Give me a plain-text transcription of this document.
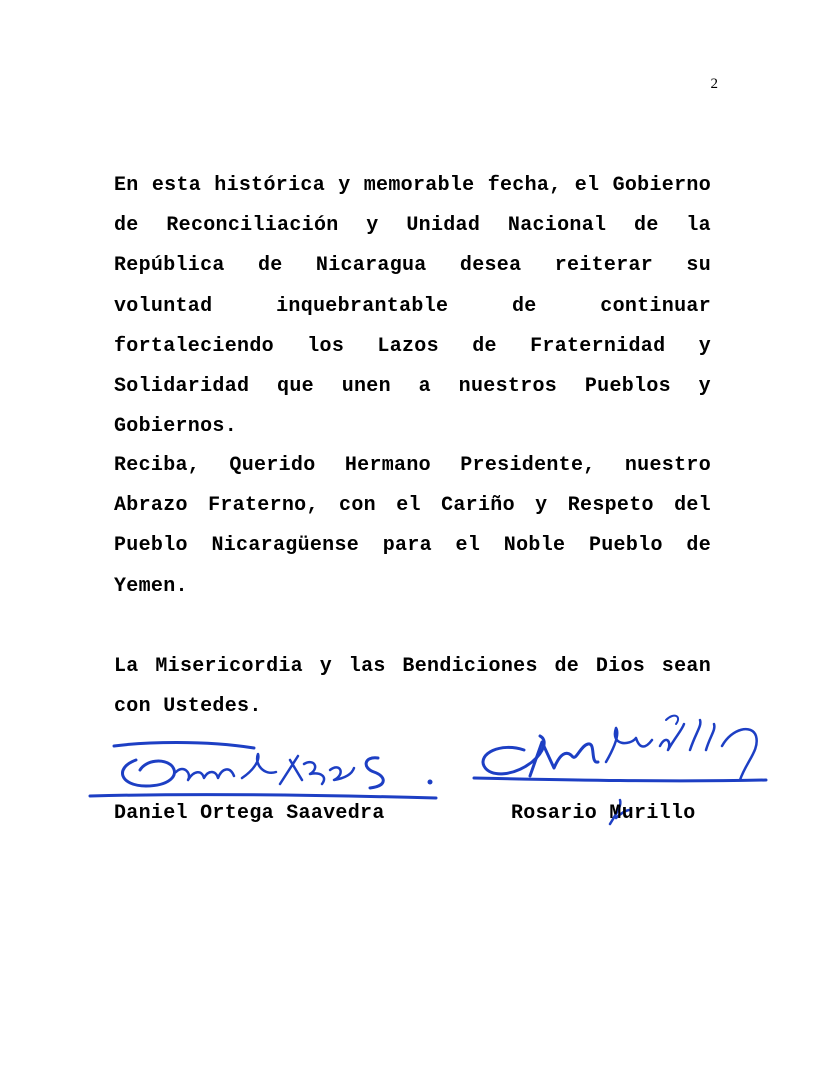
2

En esta histórica y memorable fecha, el Gobierno de Reconciliación y Unidad Nacional de la República de Nicaragua desea reiterar su voluntad inquebrantable de continuar fortaleciendo los Lazos de Fraternidad y Solidaridad que unen a nuestros Pueblos y Gobiernos.

Reciba, Querido Hermano Presidente, nuestro Abrazo Fraterno, con el Cariño y Respeto del Pueblo Nicaragüense para el Noble Pueblo de Yemen.

La Misericordia y las Bendiciones de Dios sean con Ustedes.

Daniel Ortega Saavedra	Rosario Murillo
